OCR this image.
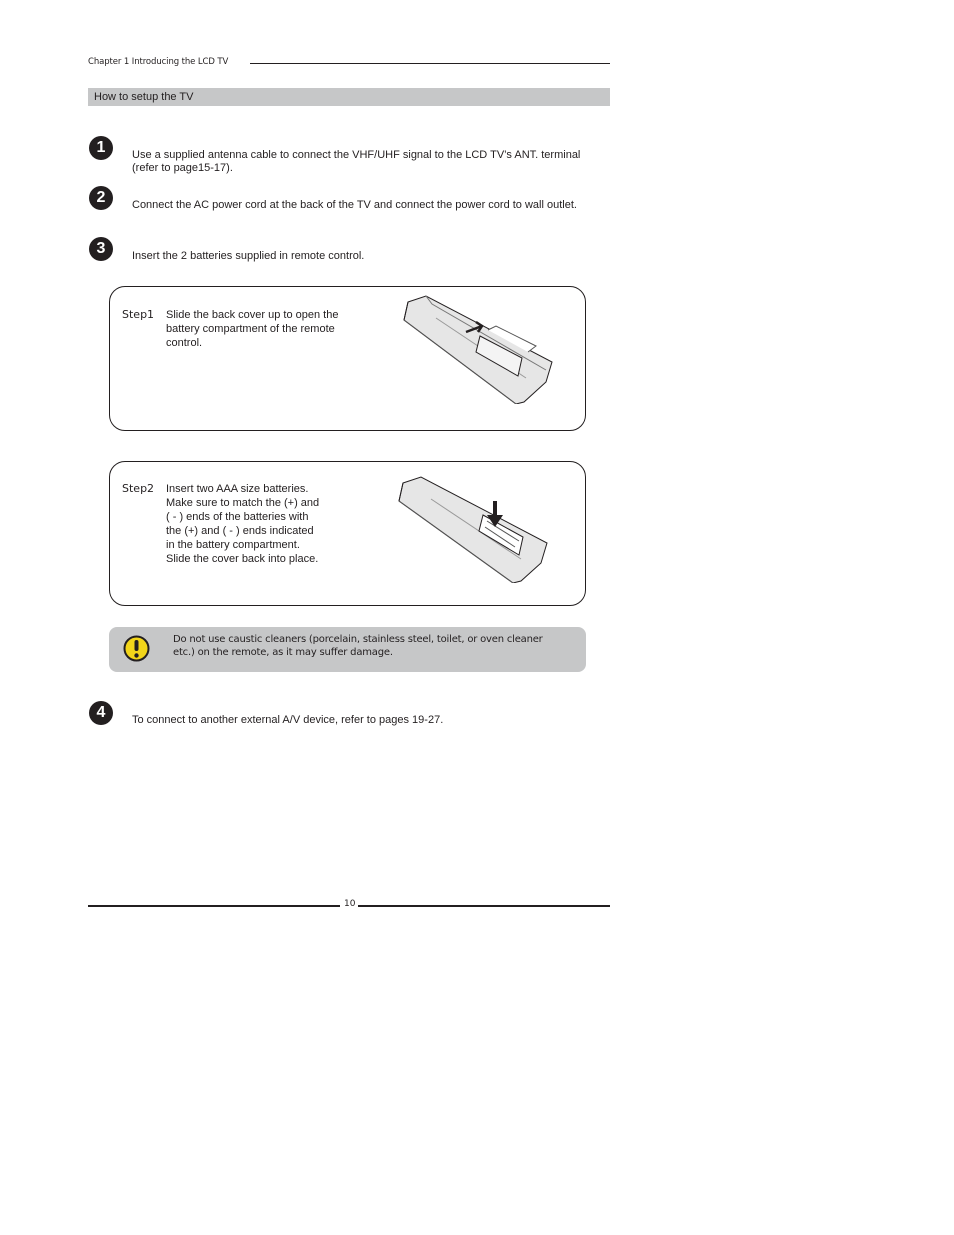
Chapter 1 Introducing the LCD TV
How to setup the TV
1	Use a supplied antenna cable to connect the VHF/UHF signal to the LCD TV’s ANT. terminal
(refer to page15-17).
2	Connect the AC power cord at the back of the TV and connect the power cord to wall outlet.
3	Insert the 2 batteries supplied in remote control.
Step1 Slide the back cover up to open the
battery compartment of the remote
control.
Step2 Insert two AAA size batteries.
Make sure to match the (+) and
( - ) ends of the batteries with
the (+) and ( - ) ends indicated
in the battery compartment.
Slide the cover back into place.
Do not use caustic cleaners (porcelain, stainless steel, toilet, or oven cleaner
etc.) on the remote, as it may suffer damage.
4	To connect to another external A/V device, refer to pages 19-27.
10
